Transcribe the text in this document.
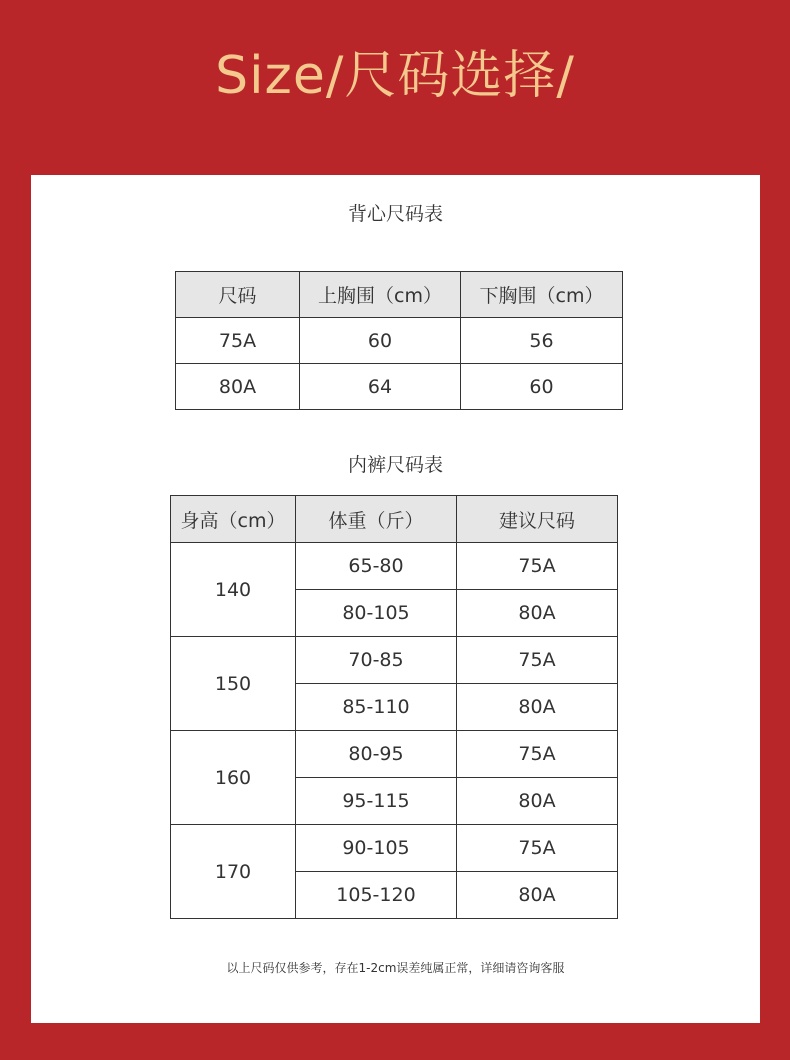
Size/尺码选择/
背心尺码表
尺码	上胸围（cm）	下胸围（cm）
75A	60	56
80A	64	60
内裤尺码表
身高（cm）	体重（斤）	建议尺码
140	65-80	75A
	80-105	80A
150	70-85	75A
	85-110	80A
160	80-95	75A
	95-115	80A
170	90-105	75A
	105-120	80A
以上尺码仅供参考，存在1-2cm误差纯属正常，详细请咨询客服
